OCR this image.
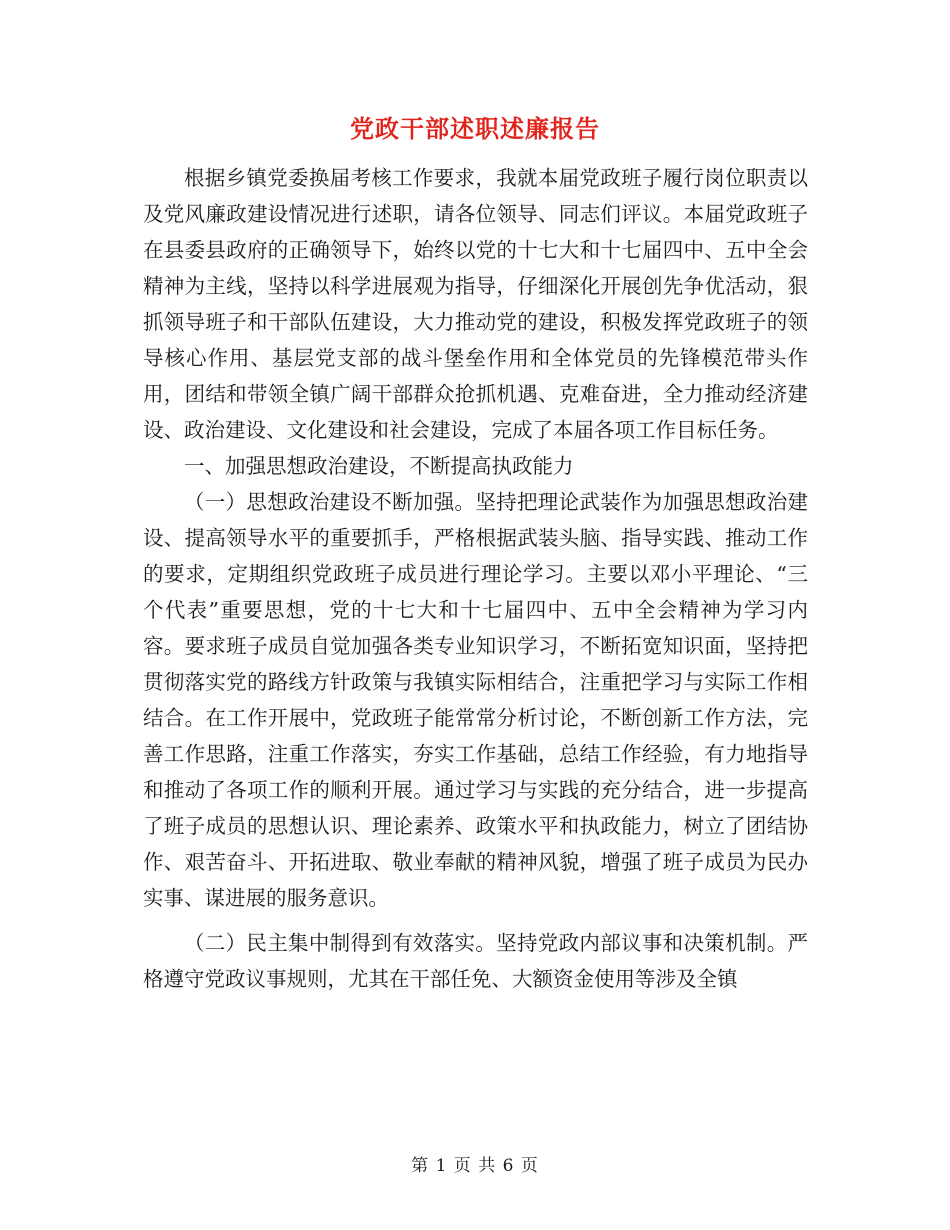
党政干部述职述廉报告

根据乡镇党委换届考核工作要求，我就本届党政班子履行岗位职责以及党风廉政建设情况进行述职，请各位领导、同志们评议。本届党政班子在县委县政府的正确领导下，始终以党的十七大和十七届四中、五中全会精神为主线，坚持以科学进展观为指导，仔细深化开展创先争优活动，狠抓领导班子和干部队伍建设，大力推动党的建设，积极发挥党政班子的领导核心作用、基层党支部的战斗堡垒作用和全体党员的先锋模范带头作用，团结和带领全镇广阔干部群众抢抓机遇、克难奋进，全力推动经济建设、政治建设、文化建设和社会建设，完成了本届各项工作目标任务。

一、加强思想政治建设，不断提高执政能力

（一）思想政治建设不断加强。坚持把理论武装作为加强思想政治建设、提高领导水平的重要抓手，严格根据武装头脑、指导实践、推动工作的要求，定期组织党政班子成员进行理论学习。主要以邓小平理论、“三个代表”重要思想，党的十七大和十七届四中、五中全会精神为学习内容。要求班子成员自觉加强各类专业知识学习，不断拓宽知识面，坚持把贯彻落实党的路线方针政策与我镇实际相结合，注重把学习与实际工作相结合。在工作开展中，党政班子能常常分析讨论，不断创新工作方法，完善工作思路，注重工作落实，夯实工作基础，总结工作经验，有力地指导和推动了各项工作的顺利开展。通过学习与实践的充分结合，进一步提高了班子成员的思想认识、理论素养、政策水平和执政能力，树立了团结协作、艰苦奋斗、开拓进取、敬业奉献的精神风貌，增强了班子成员为民办实事、谋进展的服务意识。

（二）民主集中制得到有效落实。坚持党政内部议事和决策机制。严格遵守党政议事规则，尤其在干部任免、大额资金使用等涉及全镇

第 1 页 共 6 页
